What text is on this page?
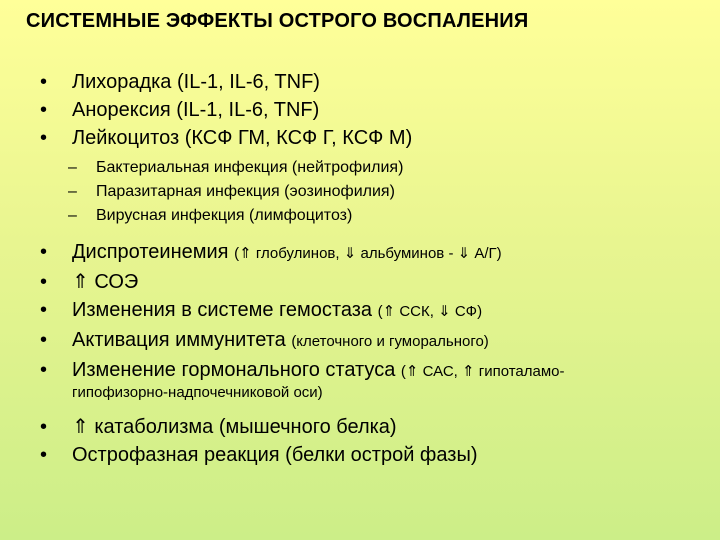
СИСТЕМНЫЕ ЭФФЕКТЫ ОСТРОГО ВОСПАЛЕНИЯ
• Лихорадка (IL-1, IL-6, TNF)
• Анорексия (IL-1, IL-6, TNF)
• Лейкоцитоз (КСФ ГМ, КСФ Г, КСФ М)
– Бактериальная инфекция (нейтрофилия)
– Паразитарная инфекция (эозинофилия)
– Вирусная инфекция (лимфоцитоз)
• Диспротеинемия (⇑ глобулинов, ⇓ альбуминов - ⇓ А/Г)
• ⇑ СОЭ
• Изменения в системе гемостаза (⇑ ССК, ⇓ СФ)
• Активация иммунитета (клеточного и гуморального)
• Изменение гормонального статуса (⇑ САС, ⇑ гипоталамо-
гипофизорно-надпочечниковой оси)
• ⇑ катаболизма (мышечного белка)
• Острофазная реакция (белки острой фазы)
